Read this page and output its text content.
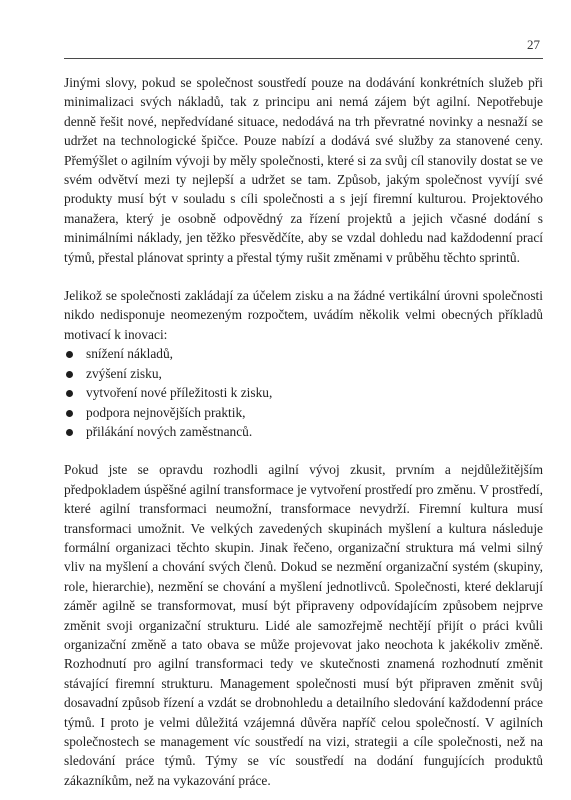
27

Jinými slovy, pokud se společnost soustředí pouze na dodávání konkrétních služeb při minimalizaci svých nákladů, tak z principu ani nemá zájem být agilní. Nepotřebuje denně řešit nové, nepředvídané situace, nedodává na trh převratné novinky a nesnaží se udržet na technologické špičce. Pouze nabízí a dodává své služby za stanovené ceny. Přemýšlet o agilním vývoji by měly společnosti, které si za svůj cíl stanovily dostat se ve svém odvětví mezi ty nejlepší a udržet se tam. Způsob, jakým společnost vyvíjí své produkty musí být v souladu s cíli společnosti a s její firemní kulturou. Projektového manažera, který je osobně odpovědný za řízení projektů a jejich včasné dodání s minimálními náklady, jen těžko přesvědčíte, aby se vzdal dohledu nad každodenní prací týmů, přestal plánovat sprinty a přestal týmy rušit změnami v průběhu těchto sprintů.

Jelikož se společnosti zakládají za účelem zisku a na žádné vertikální úrovni společnosti nikdo nedisponuje neomezeným rozpočtem, uvádím několik velmi obecných příkladů motivací k inovaci:

snížení nákladů,
zvýšení zisku,
vytvoření nové příležitosti k zisku,
podpora nejnovějších praktik,
přilákání nových zaměstnanců.

Pokud jste se opravdu rozhodli agilní vývoj zkusit, prvním a nejdůležitějším předpokladem úspěšné agilní transformace je vytvoření prostředí pro změnu. V prostředí, které agilní transformaci neumožní, transformace nevydrží. Firemní kultura musí transformaci umožnit. Ve velkých zavedených skupinách myšlení a kultura následuje formální organizaci těchto skupin. Jinak řečeno, organizační struktura má velmi silný vliv na myšlení a chování svých členů. Dokud se nezmění organizační systém (skupiny, role, hierarchie), nezmění se chování a myšlení jednotlivců. Společnosti, které deklarují záměr agilně se transformovat, musí být připraveny odpovídajícím způsobem nejprve změnit svoji organizační strukturu. Lidé ale samozřejmě nechtějí přijít o práci kvůli organizační změně a tato obava se může projevovat jako neochota k jakékoliv změně. Rozhodnutí pro agilní transformaci tedy ve skutečnosti znamená rozhodnutí změnit stávající firemní strukturu. Management společnosti musí být připraven změnit svůj dosavadní způsob řízení a vzdát se drobnohledu a detailního sledování každodenní práce týmů. I proto je velmi důležitá vzájemná důvěra napříč celou společností. V agilních společnostech se management víc soustředí na vizi, strategii a cíle společnosti, než na sledování práce týmů. Týmy se víc soustředí na dodání fungujících produktů zákazníkům, než na vykazování práce.
